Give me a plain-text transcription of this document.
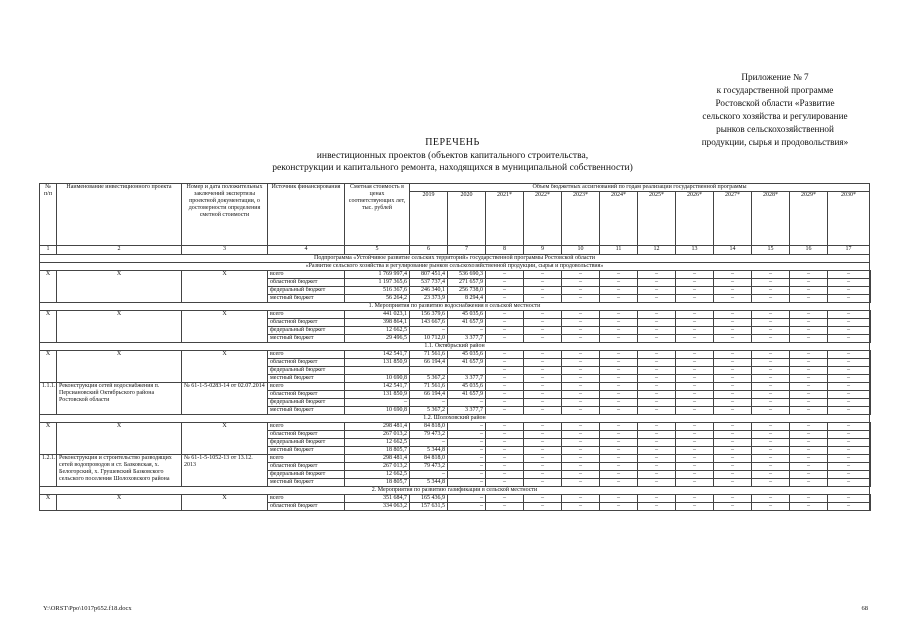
Приложение № 7
к государственной программе
Ростовской области «Развитие
сельского хозяйства и регулирование
рынков сельскохозяйственной
продукции, сырья и продовольствия»
ПЕРЕЧЕНЬ
инвестиционных проектов (объектов капитального строительства,
реконструкции и капитального ремонта, находящихся в муниципальной собственности)
№ п/п	Наименование инвестиционного проекта	Номер и дата положительных заключений экспертизы проектной документации, о достоверности определения сметной стоимости	Источник финансирования	Сметная стоимость в ценах соответствующих лет, тыс. рублей	Объем бюджетных ассигнований по годам реализации государственной программы												
					2019	2020	2021*	2022*	2023*	2024*	2025*	2026*	2027*	2028*	2029*	2030*	
1	2	3	4	5	6	7	8	9	10	11	12	13	14	15	16	17	
Подпрограмма «Устойчивое развитие сельских территорий» государственной программы Ростовской области																	
«Развитие сельского хозяйства и регулирование рынков сельскохозяйственной продукции, сырья и продовольствия»																	
X	X	X	всего	1 769 997,4	807 451,4	536 690,3	–	–	–	–	–	–	–	–	–	–	
			областной бюджет	1 197 365,6	537 737,4	271 657,9	–	–	–	–	–	–	–	–	–	–	
			федеральный бюджет	516 367,6	246 340,1	256 738,0	–	–	–	–	–	–	–	–	–	–	
			местный бюджет	56 264,2	23 373,9	8 294,4	–	–	–	–	–	–	–	–	–	–	
1. Мероприятия по развитию водоснабжения в сельской местности																	
X	X	X	всего	441 023,1	156 379,6	45 035,6	–	–	–	–	–	–	–	–	–	–	
			областной бюджет	398 864,1	143 667,6	41 657,9	–	–	–	–	–	–	–	–	–	–	
			федеральный бюджет	12 662,5	–	–	–	–	–	–	–	–	–	–	–	–	
			местный бюджет	29 496,5	10 712,0	3 377,7	–	–	–	–	–	–	–	–	–	–	
1.1. Октябрьский район																	
X	X	X	всего	142 541,7	71 561,6	45 035,6	–	–	–	–	–	–	–	–	–	–	
			областной бюджет	131 850,9	66 194,4	41 657,9	–	–	–	–	–	–	–	–	–	–	
			федеральный бюджет				–	–	–	–	–	–	–	–	–	–	
			местный бюджет	10 690,8	5 367,2	3 377,7	–	–	–	–	–	–	–	–	–	–	
1.1.1.	Реконструкция сетей водоснабжения п. Персиановский Октябрьского района Ростовской области	№ 61-1-5-0283-14 от 02.07.2014	всего	142 541,7	71 561,6	45 035,6	–	–	–	–	–	–	–	–	–	–	
			областной бюджет	131 850,9	66 194,4	41 657,9	–	–	–	–	–	–	–	–	–	–	
			федеральный бюджет	–	–	–	–	–	–	–	–	–	–	–	–	–	
			местный бюджет	10 690,8	5 367,2	3 377,7	–	–	–	–	–	–	–	–	–	–	
1.2. Шолоховский район																	
X	X	X	всего	298 481,4	84 818,0	–	–	–	–	–	–	–	–	–	–	–	
			областной бюджет	267 013,2	79 473,2	–	–	–	–	–	–	–	–	–	–	–	
			федеральный бюджет	12 662,5	–	–	–	–	–	–	–	–	–	–	–	–	
			местный бюджет	18 805,7	5 344,8	–	–	–	–	–	–	–	–	–	–	–	
1.2.1.	Реконструкция и строительство разводящих сетей водопроводов и ст. Базковская, х. Белогорский, х. Грушевский Базковского сельского поселения Шолоховского района	№ 61-1-5-1052-13 от 13.12. 2013	всего	298 481,4	84 818,0	–	–	–	–	–	–	–	–	–	–	–	
			областной бюджет	267 013,2	79 473,2	–	–	–	–	–	–	–	–	–	–	–	
			федеральный бюджет	12 662,5	–	–	–	–	–	–	–	–	–	–	–	–	
			местный бюджет	18 805,7	5 344,8	–	–	–	–	–	–	–	–	–	–	–	
2. Мероприятия по развитию газификации в сельской местности																	
X	X	X	всего	351 684,7	165 436,9	–	–	–	–	–	–	–	–	–	–	–	
			областной бюджет	334 063,2	157 631,5	–	–	–	–	–	–	–	–	–	–	–	
Y:\ORST\Ppo\1017p652.f18.docx	68
